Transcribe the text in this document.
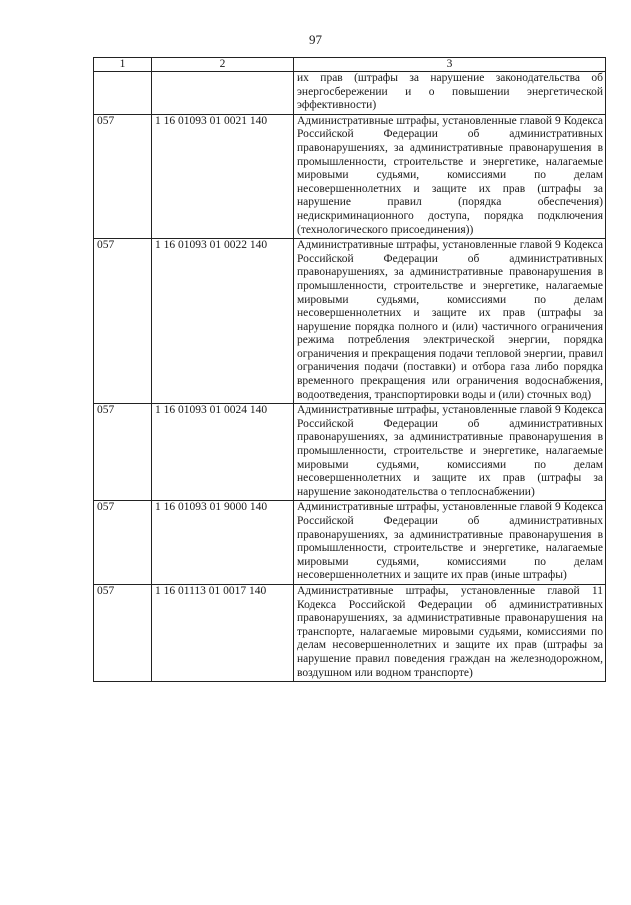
97
1	2	3
		их прав (штрафы за нарушение законодательства об энергосбережении и о повышении энергетической эффективности)
057	1 16 01093 01 0021 140	Административные штрафы, установленные главой 9 Кодекса Российской Федерации об административных правонарушениях, за административные правонарушения в промышленности, строительстве и энергетике, налагаемые мировыми судьями, комиссиями по делам несовершеннолетних и защите их прав (штрафы за нарушение правил (порядка обеспечения) недискриминационного доступа, порядка подключения (технологического присоединения))
057	1 16 01093 01 0022 140	Административные штрафы, установленные главой 9 Кодекса Российской Федерации об административных правонарушениях, за административные правонарушения в промышленности, строительстве и энергетике, налагаемые мировыми судьями, комиссиями по делам несовершеннолетних и защите их прав (штрафы за нарушение порядка полного и (или) частичного ограничения режима потребления электрической энергии, порядка ограничения и прекращения подачи тепловой энергии, правил ограничения подачи (поставки) и отбора газа либо порядка временного прекращения или ограничения водоснабжения, водоотведения, транспортировки воды и (или) сточных вод)
057	1 16 01093 01 0024 140	Административные штрафы, установленные главой 9 Кодекса Российской Федерации об административных правонарушениях, за административные правонарушения в промышленности, строительстве и энергетике, налагаемые мировыми судьями, комиссиями по делам несовершеннолетних и защите их прав (штрафы за нарушение законодательства о теплоснабжении)
057	1 16 01093 01 9000 140	Административные штрафы, установленные главой 9 Кодекса Российской Федерации об административных правонарушениях, за административные правонарушения в промышленности, строительстве и энергетике, налагаемые мировыми судьями, комиссиями по делам несовершеннолетних и защите их прав (иные штрафы)
057	1 16 01113 01 0017 140	Административные штрафы, установленные главой 11 Кодекса Российской Федерации об административных правонарушениях, за административные правонарушения на транспорте, налагаемые мировыми судьями, комиссиями по делам несовершеннолетних и защите их прав (штрафы за нарушение правил поведения граждан на железнодорожном, воздушном или водном транспорте)
